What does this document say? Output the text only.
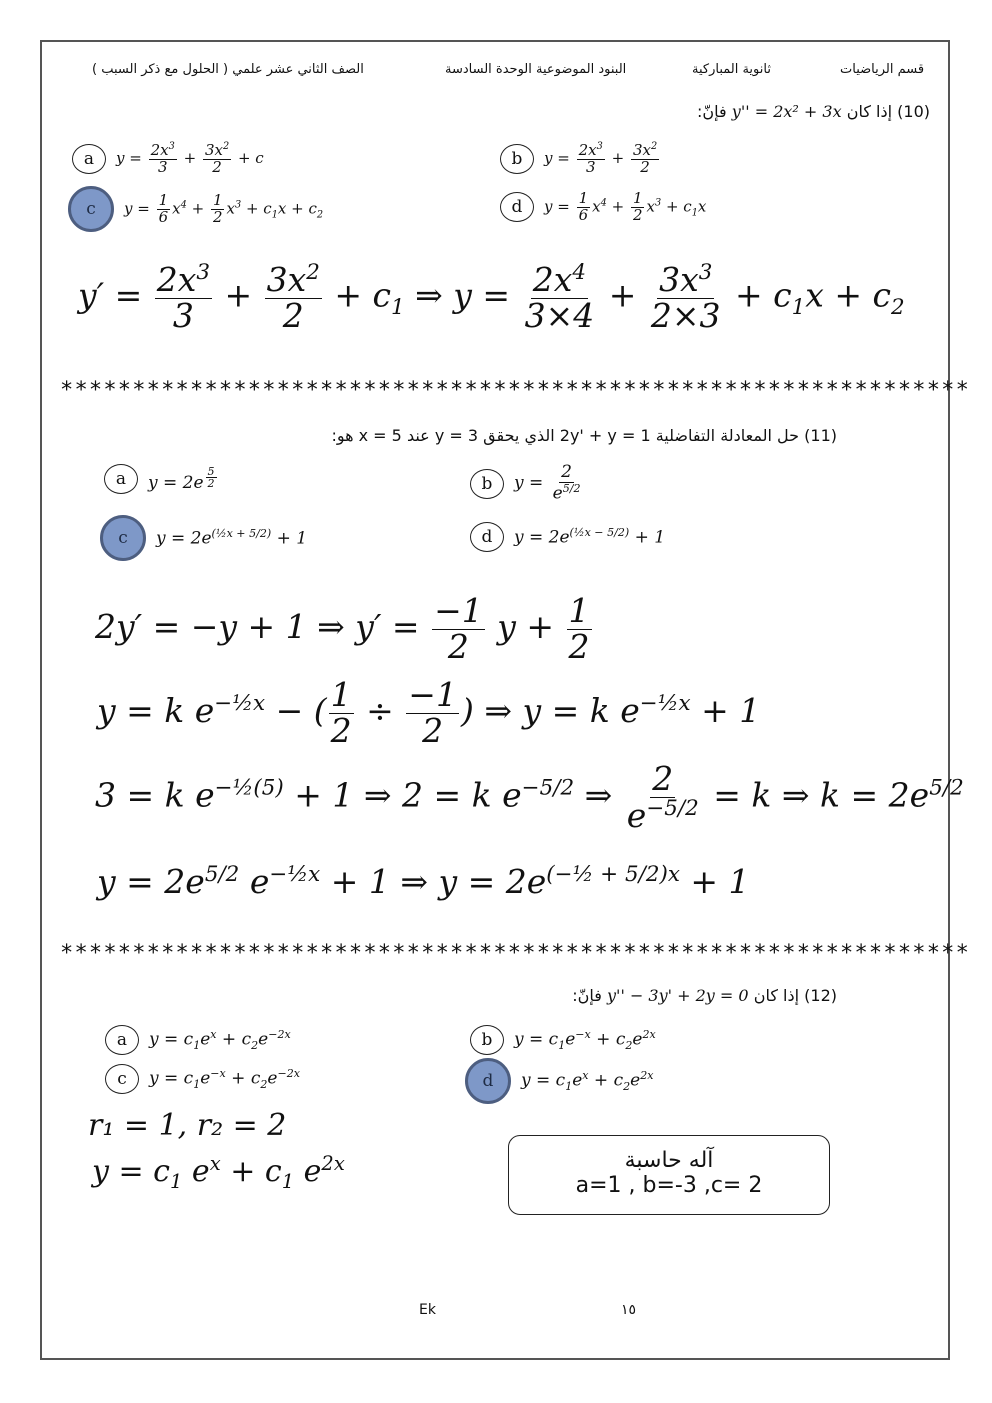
قسم الرياضيات
ثانوية المباركية
البنود الموضوعية الوحدة السادسة
الصف الثاني عشر علمي ( الحلول مع ذكر السبب )
(10) إذا كان y'' = 2x² + 3x فإنّ:
a	$y = \frac{2x^3}{3} + \frac{3x^2}{2} + c$	b	$y = \frac{2x^3}{3} + \frac{3x^2}{2}$
c	$y = \frac{1}{6} x^4 + \frac{1}{2} x^3 + c_1x + c_2$	d	$y = \frac{1}{6} x^4 + \frac{1}{2} x^3 + c_1x$
$y' = \frac{2x^3}{3} + \frac{3x^2}{2} + c_1$ ⇒ $y = \frac{2x^4}{3\times 4} + \frac{3x^3}{2\times 3} + c_1x + c_2$
***************************************************************
(11) حل المعادلة التفاضلية 2y' + y = 1 الذي يحقق y = 3 عند x = 5 هو:
a	y = 2e $^{\frac{5}{2}}$	b	$y = \frac{2}{e^{5/2}}$
c	$y = 2e^{(\frac{1}{2}x + 5/2)} + 1$	d	$y = 2e^{(\frac{1}{2}x - 5/2)} + 1$
2y′ = −y + 1 ⇒ $y' = \frac{-1}{2}$ $y + \frac{1}{2}$
y = k $e^{-\frac{1}{2}x}$ − ( $\frac{1}{2} \div \frac{-1}{2}$ ) ⇒ y = k $e^{-\frac{1}{2}x} + 1$
3 = k $e^{-\frac{1}{2}(5)} + 1$ ⇒ 2 = k $e^{-5/2}$ ⇒ $\frac{2}{e^{-5/2}} = k$ ⇒ $k = 2e^{5/2}$
$y = 2e^{5/2}$ $e^{-\frac{1}{2}x} + 1$ ⇒ $y = 2e^{(-\frac{1}{2} + 5/2)x} + 1$
***************************************************************
(12) إذا كان y'' − 3y' + 2y = 0 فإنّ:
a	$y = c_1e^x + c_2e^{-2x}$	b	$y = c_1e^{-x} + c_2e^{2x}$
c	$y = c_1e^{-x} + c_2e^{-2x}$	d	$y = c_1e^x + c_2e^{2x}$
r₁ = 1, r₂ = 2
$y = c_1$ $e^x + c_1$ $e^{2x}$	آله حاسبة
a=1 , b=-3 ,c= 2
Ek	١٥
